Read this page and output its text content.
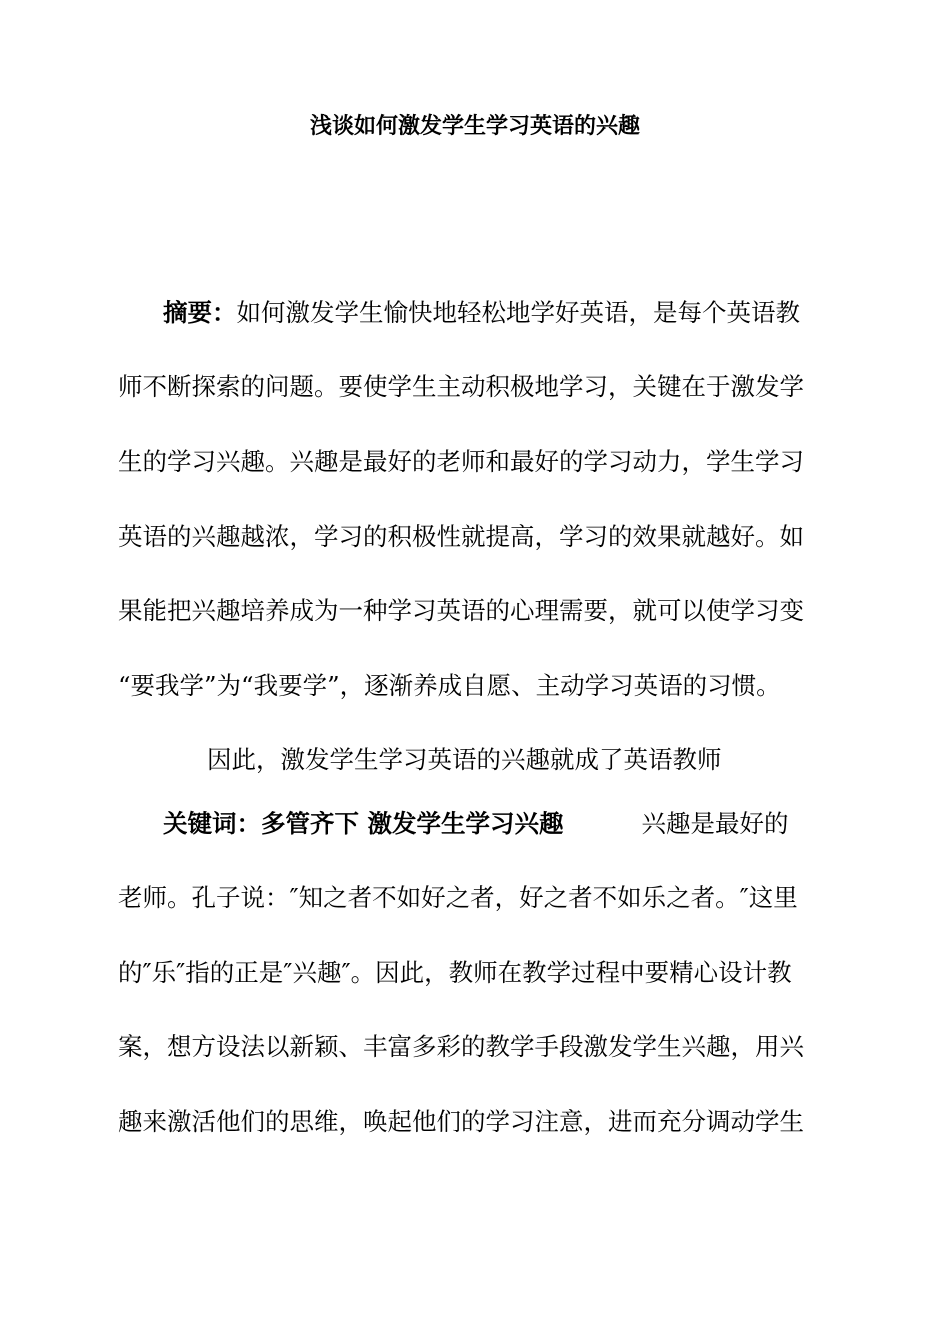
浅谈如何激发学生学习英语的兴趣

摘要：如何激发学生愉快地轻松地学好英语，是每个英语教

师不断探索的问题。要使学生主动积极地学习，关键在于激发学

生的学习兴趣。兴趣是最好的老师和最好的学习动力，学生学习

英语的兴趣越浓，学习的积极性就提高，学习的效果就越好。如

果能把兴趣培养成为一种学习英语的心理需要，就可以使学习变

“要我学”为“我要学”，逐渐养成自愿、主动学习英语的习惯。

因此，激发学生学习英语的兴趣就成了英语教师

关键词：多管齐下 激发学生学习兴趣	兴趣是最好的

老师。孔子说：″知之者不如好之者，好之者不如乐之者。″这里

的″乐″指的正是″兴趣″。因此，教师在教学过程中要精心设计教

案，想方设法以新颖、丰富多彩的教学手段激发学生兴趣，用兴

趣来激活他们的思维，唤起他们的学习注意，进而充分调动学生
